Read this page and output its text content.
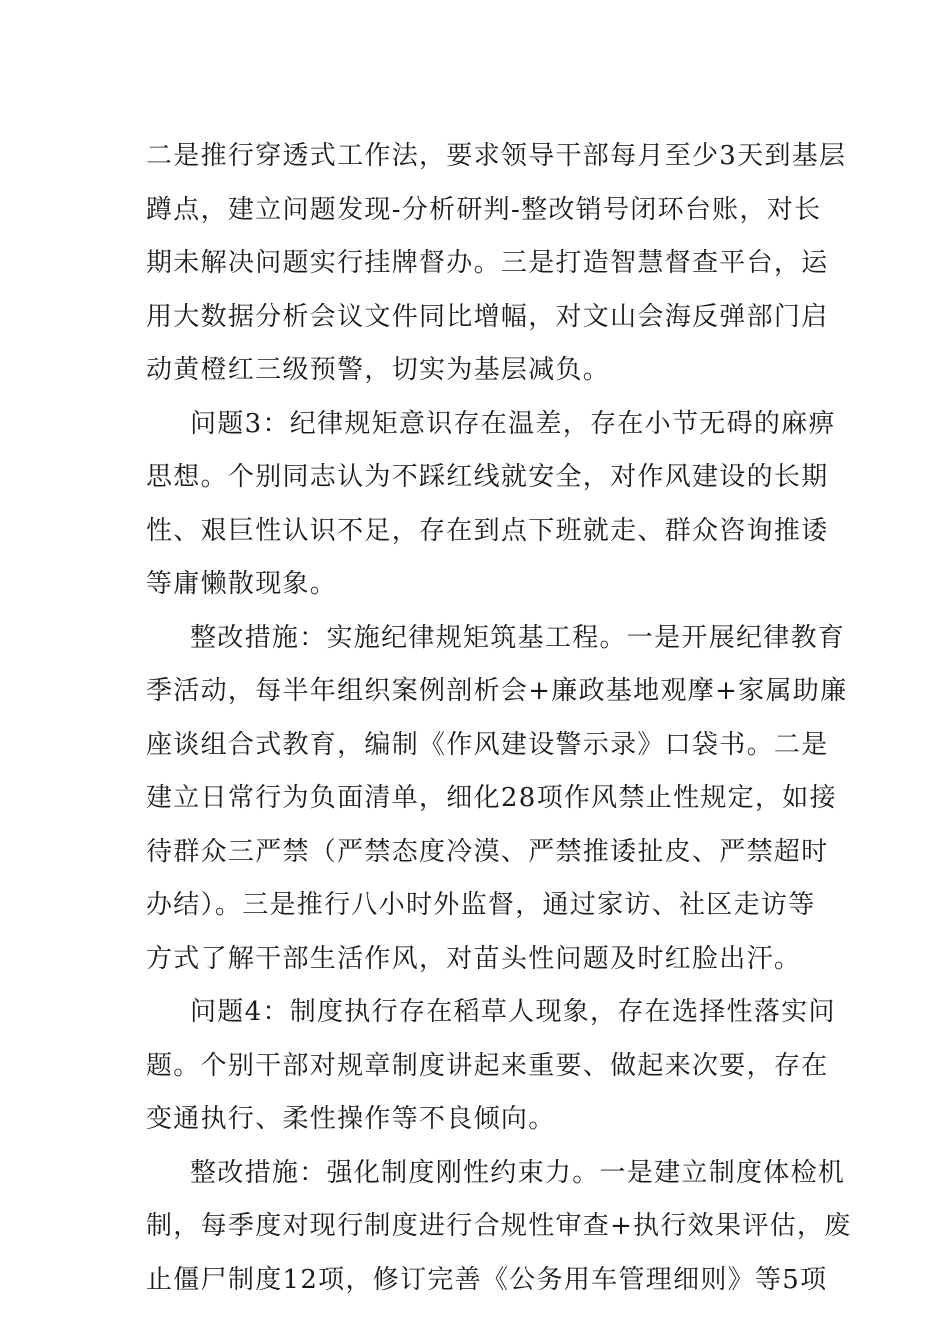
二是推行穿透式工作法，要求领导干部每月至少3天到基层
蹲点，建立问题发现-分析研判-整改销号闭环台账，对长
期未解决问题实行挂牌督办。三是打造智慧督查平台，运
用大数据分析会议文件同比增幅，对文山会海反弹部门启
动黄橙红三级预警，切实为基层减负。
问题3：纪律规矩意识存在温差，存在小节无碍的麻痹
思想。个别同志认为不踩红线就安全，对作风建设的长期
性、艰巨性认识不足，存在到点下班就走、群众咨询推诿
等庸懒散现象。
整改措施：实施纪律规矩筑基工程。一是开展纪律教育
季活动，每半年组织案例剖析会+廉政基地观摩+家属助廉
座谈组合式教育，编制《作风建设警示录》口袋书。二是
建立日常行为负面清单，细化28项作风禁止性规定，如接
待群众三严禁（严禁态度冷漠、严禁推诿扯皮、严禁超时
办结）。三是推行八小时外监督，通过家访、社区走访等
方式了解干部生活作风，对苗头性问题及时红脸出汗。
问题4：制度执行存在稻草人现象，存在选择性落实问
题。个别干部对规章制度讲起来重要、做起来次要，存在
变通执行、柔性操作等不良倾向。
整改措施：强化制度刚性约束力。一是建立制度体检机
制，每季度对现行制度进行合规性审查+执行效果评估，废
止僵尸制度12项，修订完善《公务用车管理细则》等5项
